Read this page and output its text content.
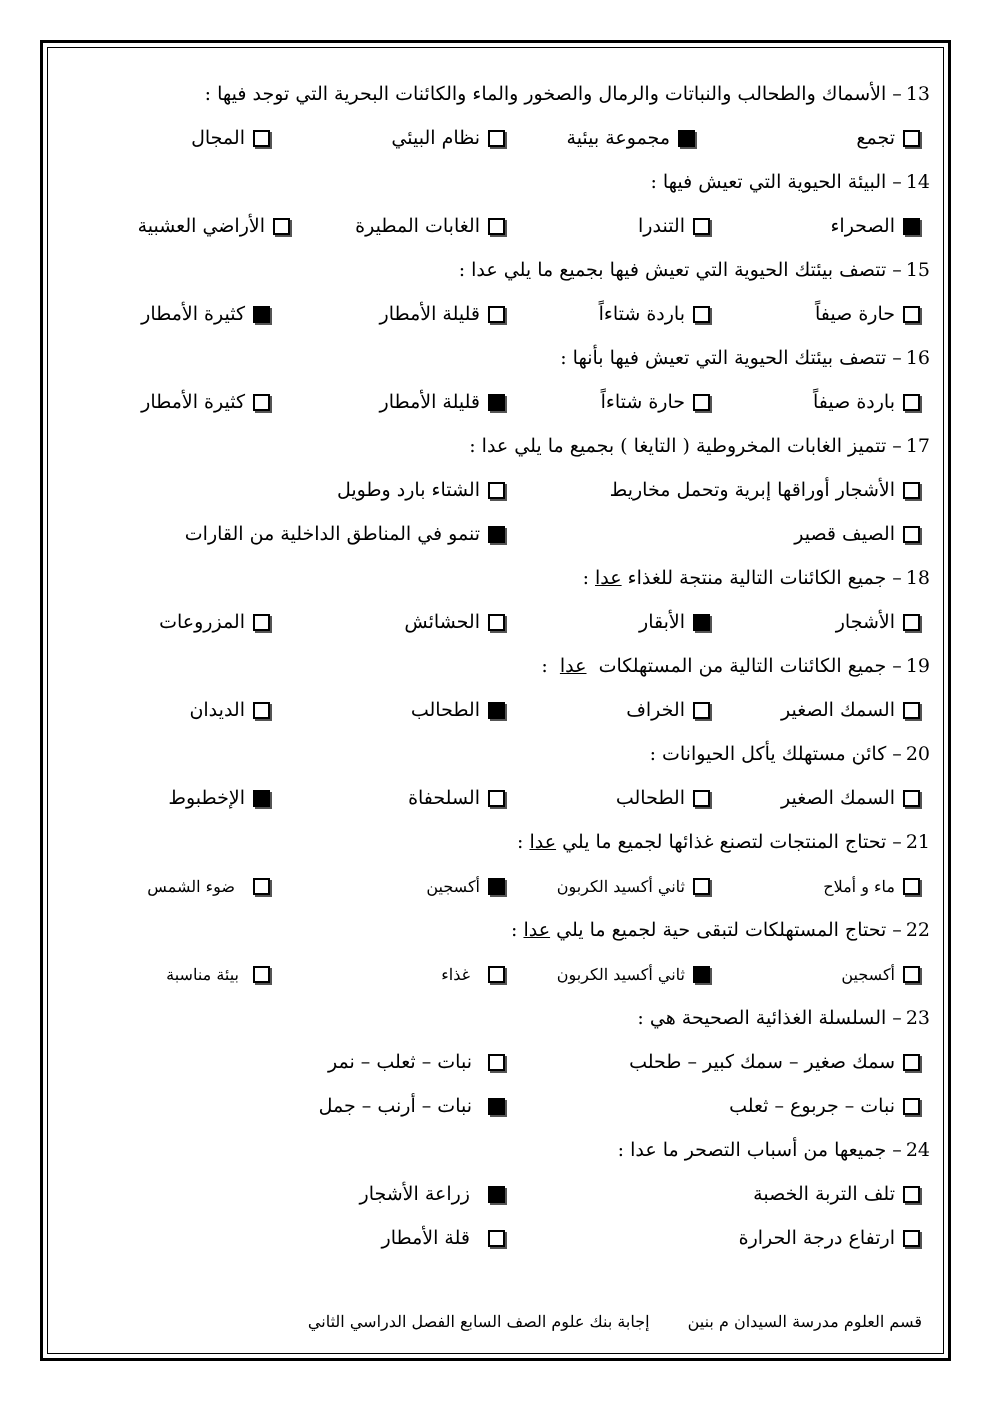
13
– الأسماك والطحالب والنباتات والرمال والصخور والماء والكائنات البحرية التي توجد فيها :
تجمع
مجموعة بيئية
نظام البيئي
المجال
14
– البيئة الحيوية التي تعيش فيها :
الصحراء
التندرا
الغابات المطيرة
الأراضي العشبية
15
– تتصف بيئتك الحيوية التي تعيش فيها بجميع ما يلي عدا :
حارة صيفاً
باردة شتاءاً
قليلة الأمطار
كثيرة الأمطار
16
– تتصف بيئتك الحيوية التي تعيش فيها بأنها :
باردة صيفاً
حارة شتاءاً
قليلة الأمطار
كثيرة الأمطار
17
– تتميز الغابات المخروطية ( التايغا ) بجميع ما يلي عدا :
الأشجار أوراقها إبرية وتحمل مخاريط
الشتاء بارد وطويل
الصيف قصير
تنمو في المناطق الداخلية من القارات
18
– جميع الكائنات التالية منتجة للغذاء

عدا

:
الأشجار
الأبقار
الحشائش
المزروعات
19
– جميع الكائنات التالية من المستهلكات

عدا

:
السمك الصغير
الخراف
الطحالب
الديدان
20
– كائن مستهلك يأكل الحيوانات :
السمك الصغير
الطحالب
السلحفاة
الإخطبوط
21
– تحتاج المنتجات لتصنع غذائها لجميع ما يلي

عدا

:
ماء و أملاح
ثاني أكسيد الكربون
أكسجين
ضوء الشمس
22
– تحتاج المستهلكات لتبقى حية لجميع ما يلي

عدا

:
أكسجين
ثاني أكسيد الكربون
غذاء
بيئة مناسبة
23
– السلسلة الغذائية الصحيحة هي :
سمك صغير – سمك كبير – طحلب
نبات – ثعلب – نمر
نبات – جربوع – ثعلب
نبات – أرنب – جمل
24
– جميعها من أسباب التصحر ما عدا :
تلف التربة الخصبة
زراعة الأشجار
ارتفاع درجة الحرارة
قلة الأمطار
قسم العلوم مدرسة السيدان م بنين
إجابة بنك علوم الصف السابع الفصل الدراسي الثاني
